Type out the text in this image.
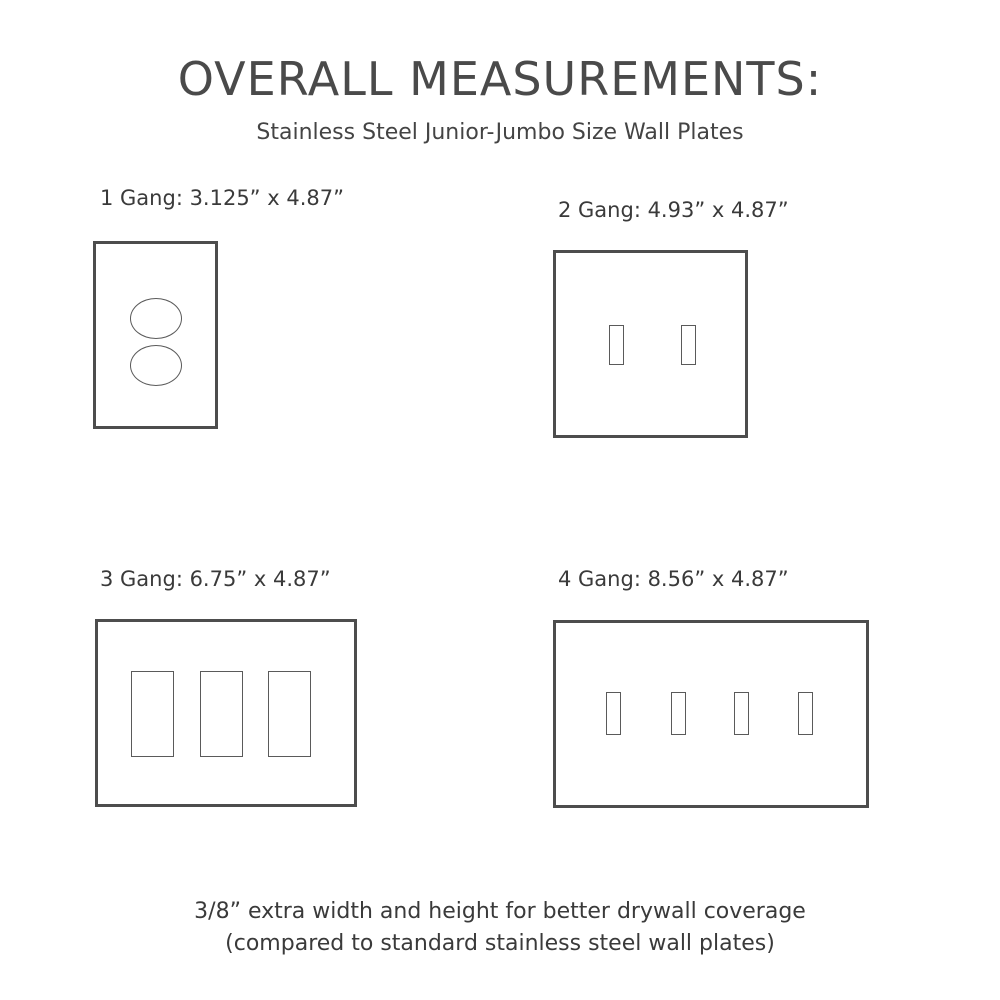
OVERALL MEASUREMENTS:
Stainless Steel Junior-Jumbo Size Wall Plates
1 Gang: 3.125” x 4.87”	2 Gang: 4.93” x 4.87”
3 Gang: 6.75” x 4.87”	4 Gang: 8.56” x 4.87”
3/8” extra width and height for better drywall coverage
(compared to standard stainless steel wall plates)
